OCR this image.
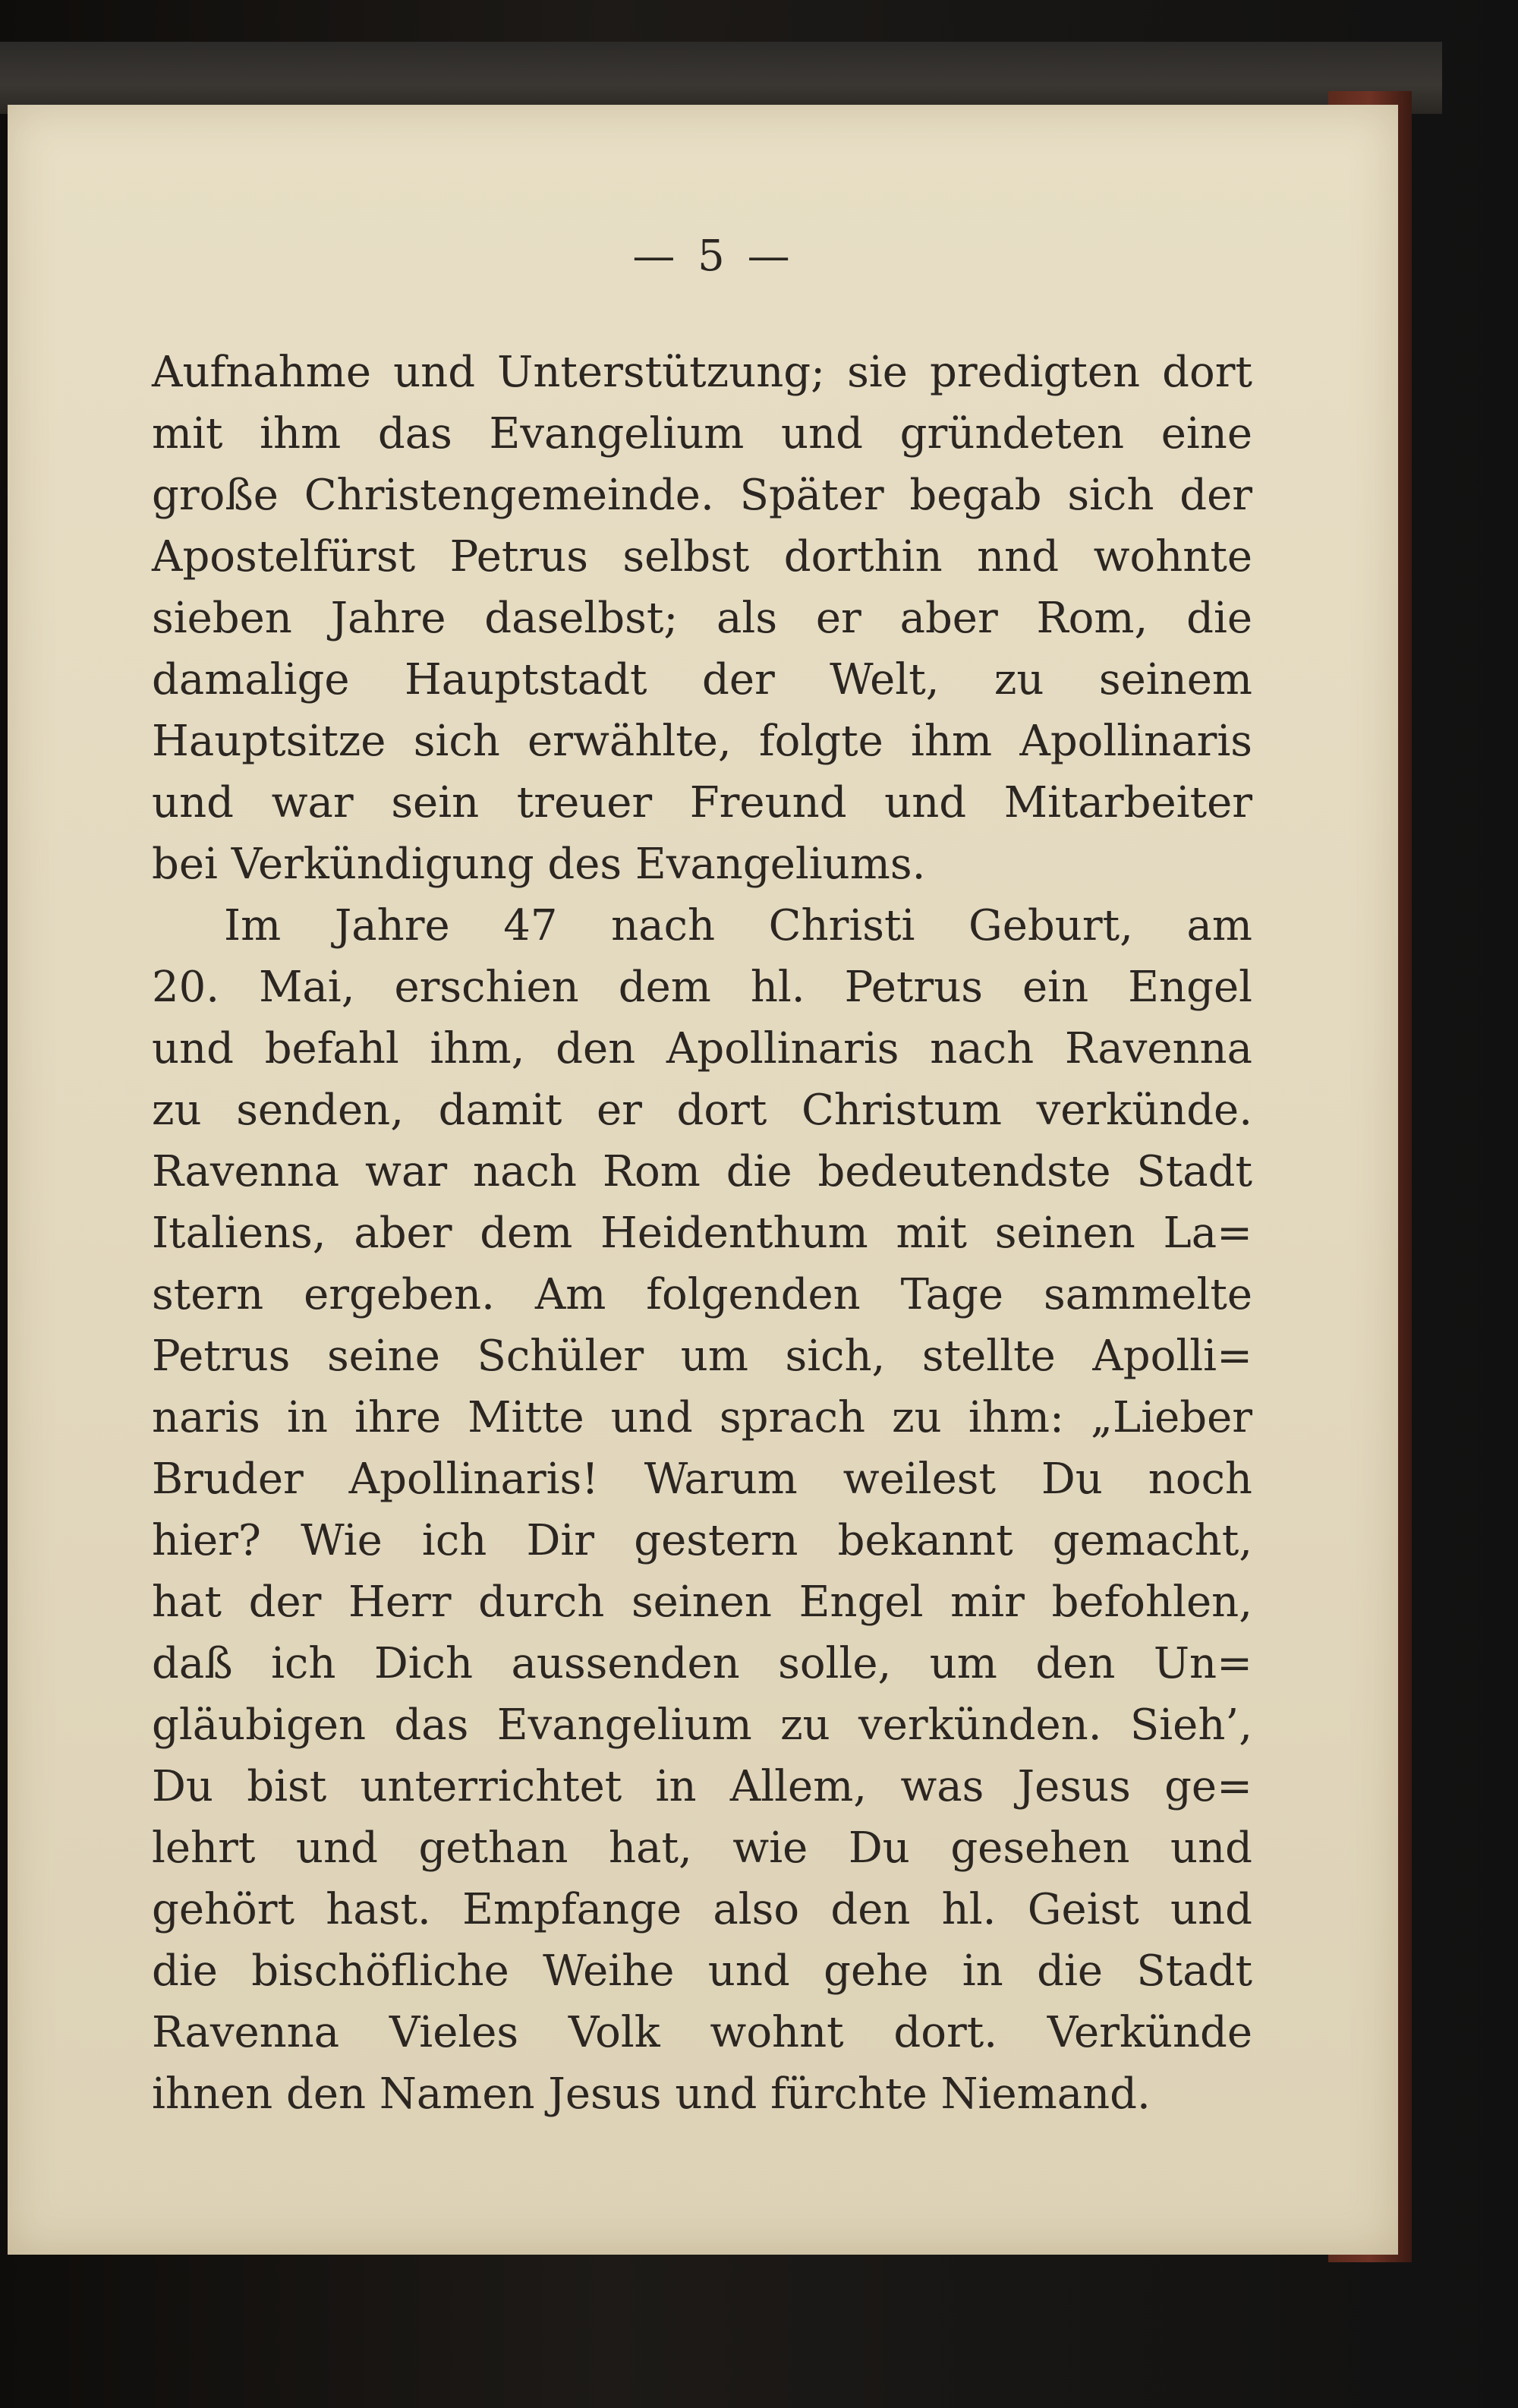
— 5 —
Aufnahme und Unterstützung; sie predigten dort
mit ihm das Evangelium und gründeten eine
große Christengemeinde. Später begab sich der
Apostelfürst Petrus selbst dorthin nnd wohnte
sieben Jahre daselbst; als er aber Rom, die
damalige Hauptstadt der Welt, zu seinem
Hauptsitze sich erwählte, folgte ihm Apollinaris
und war sein treuer Freund und Mitarbeiter
bei Verkündigung des Evangeliums.
Im Jahre 47 nach Christi Geburt, am
20. Mai, erschien dem hl. Petrus ein Engel
und befahl ihm, den Apollinaris nach Ravenna
zu senden, damit er dort Christum verkünde.
Ravenna war nach Rom die bedeutendste Stadt
Italiens, aber dem Heidenthum mit seinen La=
stern ergeben. Am folgenden Tage sammelte
Petrus seine Schüler um sich, stellte Apolli=
naris in ihre Mitte und sprach zu ihm: „Lieber
Bruder Apollinaris! Warum weilest Du noch
hier? Wie ich Dir gestern bekannt gemacht,
hat der Herr durch seinen Engel mir befohlen,
daß ich Dich aussenden solle, um den Un=
gläubigen das Evangelium zu verkünden. Sieh’,
Du bist unterrichtet in Allem, was Jesus ge=
lehrt und gethan hat, wie Du gesehen und
gehört hast. Empfange also den hl. Geist und
die bischöfliche Weihe und gehe in die Stadt
Ravenna Vieles Volk wohnt dort. Verkünde
ihnen den Namen Jesus und fürchte Niemand.
